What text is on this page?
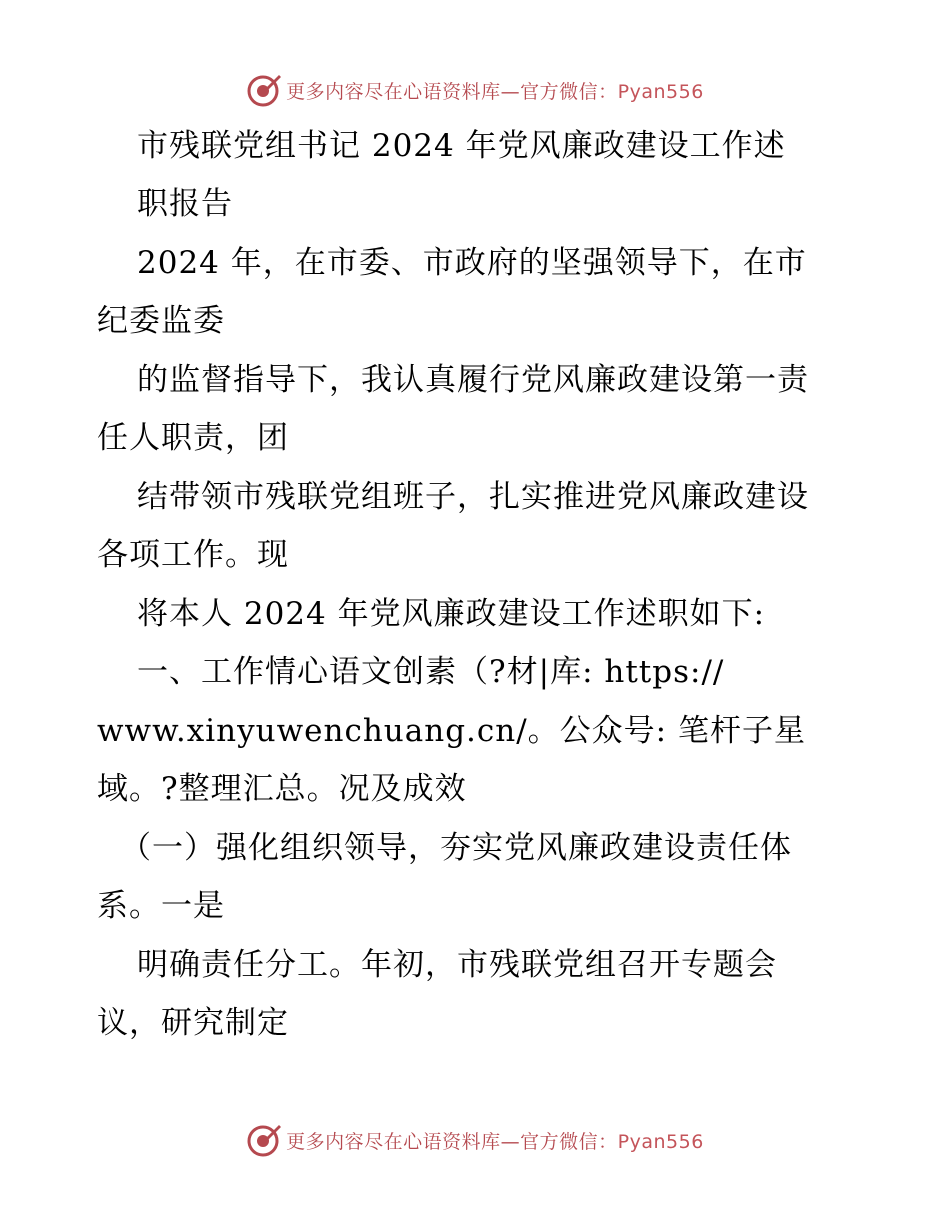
更多内容尽在心语资料库—官方微信：Pyan556
市残联党组书记 2024 年党风廉政建设工作述
职报告
2024 年，在市委、市政府的坚强领导下，在市
纪委监委
的监督指导下，我认真履行党风廉政建设第一责
任人职责，团
结带领市残联党组班子，扎实推进党风廉政建设
各项工作。现
将本人 2024 年党风廉政建设工作述职如下:
一、工作情心语文创素（?材|库: https://
www.xinyuwenchuang.cn/。公众号: 笔杆子星
域。?整理汇总。况及成效
（一）强化组织领导，夯实党风廉政建设责任体
系。一是
明确责任分工。年初，市残联党组召开专题会
议，研究制定
更多内容尽在心语资料库—官方微信：Pyan556
